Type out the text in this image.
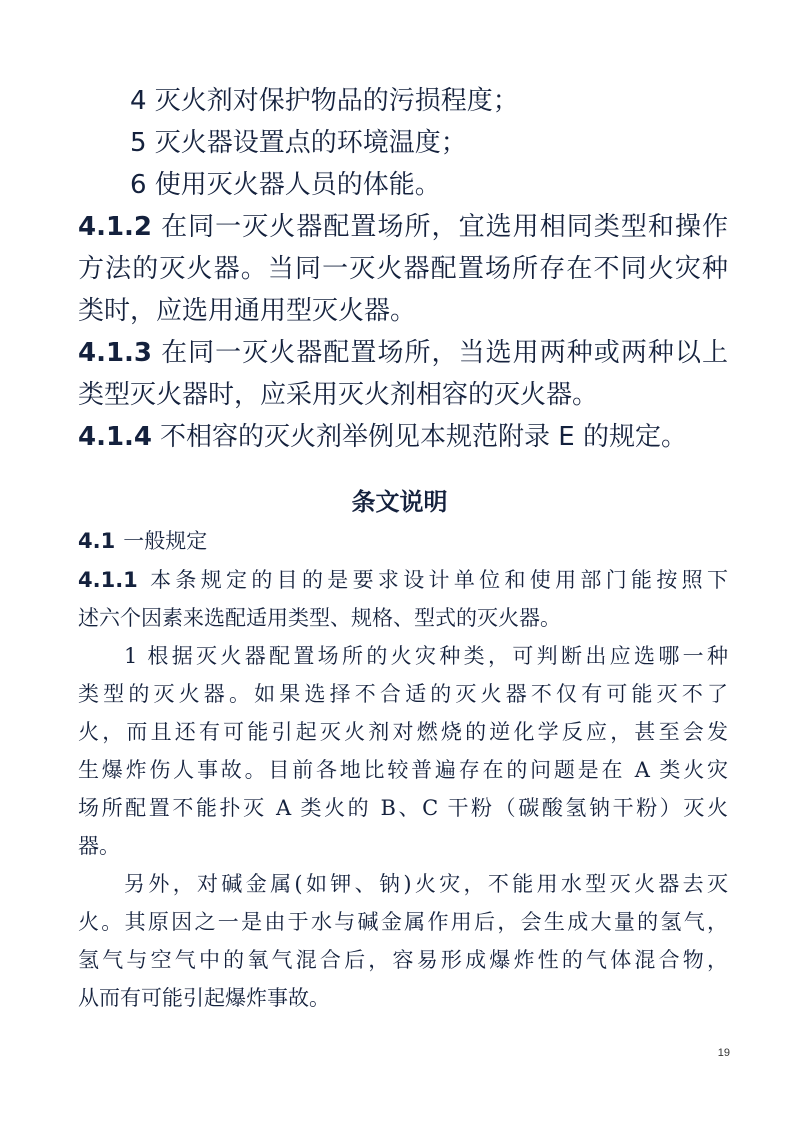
4 灭火剂对保护物品的污损程度；
5 灭火器设置点的环境温度；
6 使用灭火器人员的体能。
4.1.2 在同一灭火器配置场所，宜选用相同类型和操作
方法的灭火器。当同一灭火器配置场所存在不同火灾种
类时，应选用通用型灭火器。
4.1.3 在同一灭火器配置场所，当选用两种或两种以上
类型灭火器时，应采用灭火剂相容的灭火器。
4.1.4 不相容的灭火剂举例见本规范附录 E 的规定。
条文说明
4.1 一般规定
4.1.1 本条规定的目的是要求设计单位和使用部门能按照下
述六个因素来选配适用类型、规格、型式的灭火器。
1 根据灭火器配置场所的火灾种类，可判断出应选哪一种
类型的灭火器。如果选择不合适的灭火器不仅有可能灭不了
火，而且还有可能引起灭火剂对燃烧的逆化学反应，甚至会发
生爆炸伤人事故。目前各地比较普遍存在的问题是在 A 类火灾
场所配置不能扑灭 A 类火的 B、C 干粉（碳酸氢钠干粉）灭火
器。
另外，对碱金属(如钾、钠)火灾，不能用水型灭火器去灭
火。其原因之一是由于水与碱金属作用后，会生成大量的氢气，
氢气与空气中的氧气混合后，容易形成爆炸性的气体混合物，
从而有可能引起爆炸事故。
19
